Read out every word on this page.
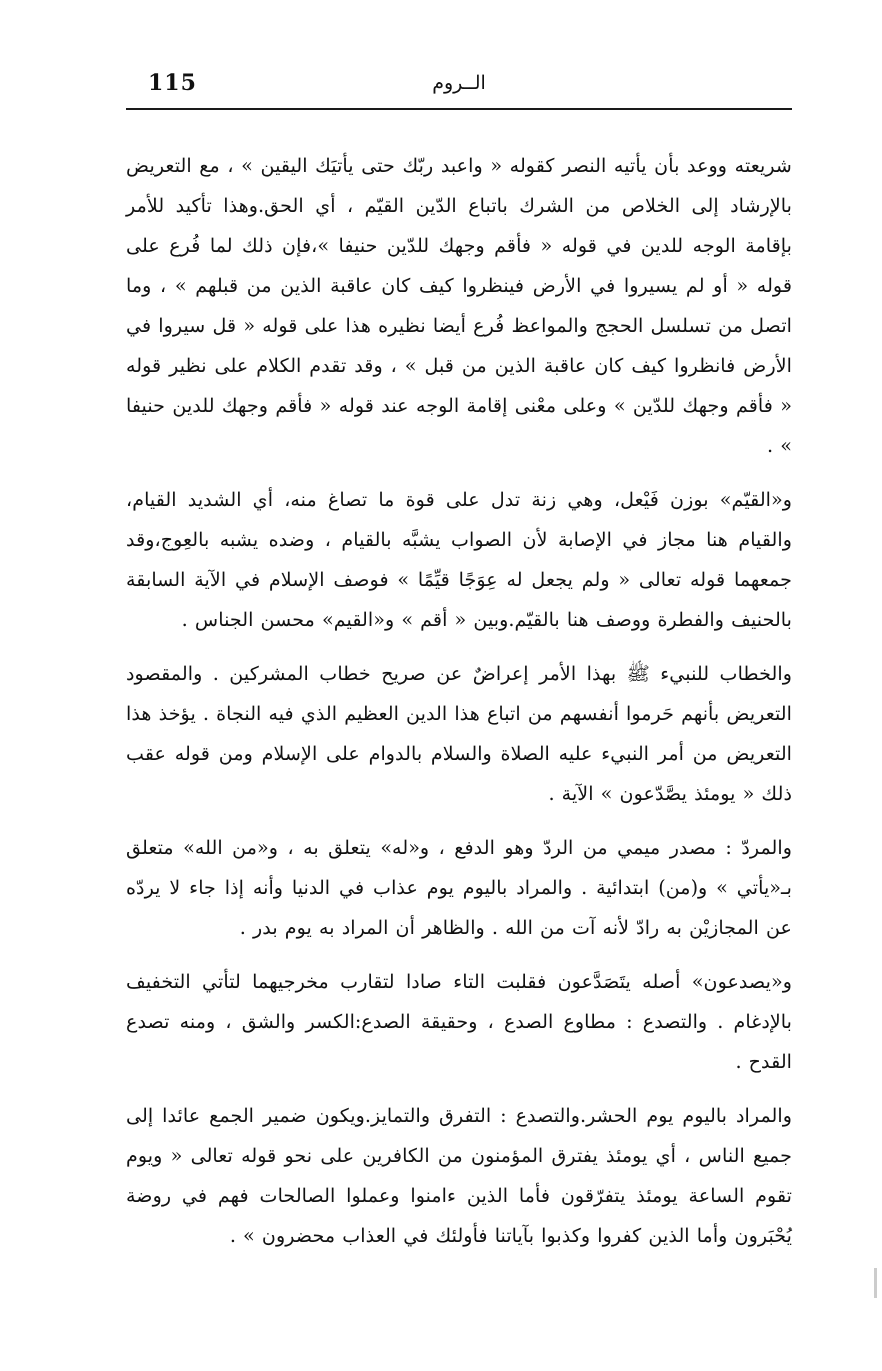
115	الــروم

شريعته ووعد بأن يأتيه النصر كقوله « واعبد ربّك حتى يأتيَك اليقين » ، مع التعريض بالإرشاد إلى الخلاص من الشرك باتباع الدّين القيّم ، أي الحق.وهذا تأكيد للأمر بإقامة الوجه للدين في قوله « فأقم وجهك للدّين حنيفا »،فإن ذلك لما فُرع على قوله « أو لم يسيروا في الأرض فينظروا كيف كان عاقبة الذين من قبلهم » ، وما اتصل من تسلسل الحجج والمواعظ فُرع أيضا نظيره هذا على قوله « قل سيروا في الأرض فانظروا كيف كان عاقبة الذين من قبل » ، وقد تقدم الكلام على نظير قوله « فأقم وجهك للدّين » وعلى معْنى إقامة الوجه عند قوله « فأقم وجهك للدين حنيفا » .

و«القيّم» بوزن فَيْعل، وهي زنة تدل على قوة ما تصاغ منه، أي الشديد القيام، والقيام هنا مجاز في الإصابة لأن الصواب يشبَّه بالقيام ، وضده يشبه بالعِوج،وقد جمعهما قوله تعالى « ولم يجعل له عِوَجًا قيِّمًا » فوصف الإسلام في الآية السابقة بالحنيف والفطرة ووصف هنا بالقيّم.وبين « أقم » و«القيم» محسن الجناس .

والخطاب للنبيء ﷺ بهذا الأمر إعراضٌ عن صريح خطاب المشركين . والمقصود التعريض بأنهم حَرموا أنفسهم من اتباع هذا الدين العظيم الذي فيه النجاة . يؤخذ هذا التعريض من أمر النبيء عليه الصلاة والسلام بالدوام على الإسلام ومن قوله عقب ذلك « يومئذ يصَّدّعون » الآية .

والمردّ : مصدر ميمي من الردّ وهو الدفع ، و«له» يتعلق به ، و«من الله» متعلق بـ«يأتي » و(من) ابتدائية . والمراد باليوم يوم عذاب في الدنيا وأنه إذا جاء لا يردّه عن المجازيْن به رادّ لأنه آت من الله . والظاهر أن المراد به يوم بدر .

و«يصدعون» أصله يتَصَدَّعون فقلبت التاء صادا لتقارب مخرجيهما لتأتي التخفيف بالإدغام . والتصدع : مطاوع الصدع ، وحقيقة الصدع:الكسر والشق ، ومنه تصدع القدح .

والمراد باليوم يوم الحشر.والتصدع : التفرق والتمايز.ويكون ضمير الجمع عائدا إلى جميع الناس ، أي يومئذ يفترق المؤمنون من الكافرين على نحو قوله تعالى « ويوم تقوم الساعة يومئذ يتفرّقون فأما الذين ءامنوا وعملوا الصالحات فهم في روضة يُحْبَرون وأما الذين كفروا وكذبوا بآياتنا فأولئك في العذاب محضرون » .
